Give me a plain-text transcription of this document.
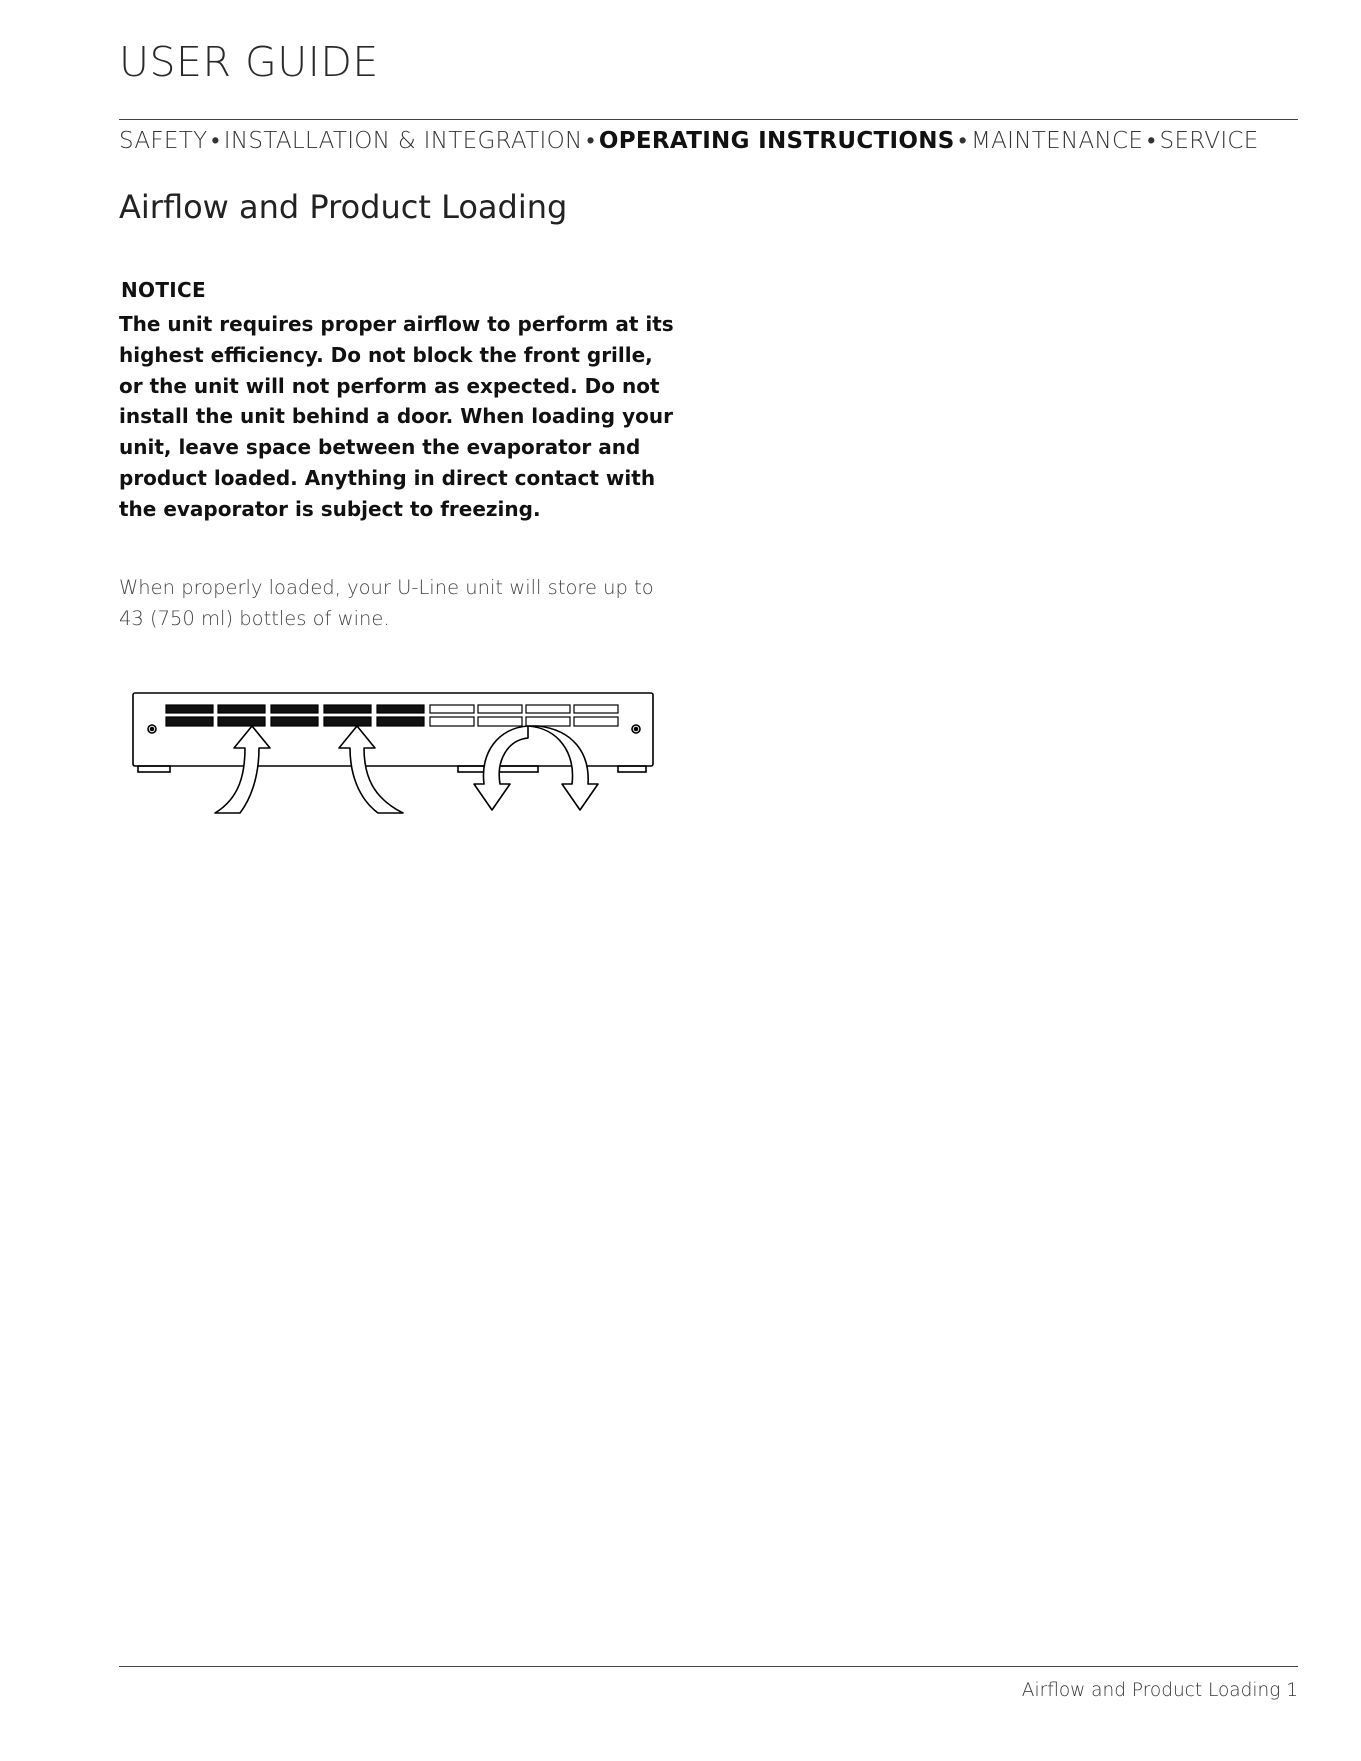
USER GUIDE
SAFETY • INSTALLATION & INTEGRATION • OPERATING INSTRUCTIONS • MAINTENANCE • SERVICE
Airflow and Product Loading
NOTICE

The unit requires proper airflow to perform at its highest efficiency. Do not block the front grille, or the unit will not perform as expected. Do not install the unit behind a door. When loading your unit, leave space between the evaporator and product loaded. Anything in direct contact with the evaporator is subject to freezing.

When properly loaded, your U-Line unit will store up to 43 (750 ml) bottles of wine.

Airflow and Product Loading 1
